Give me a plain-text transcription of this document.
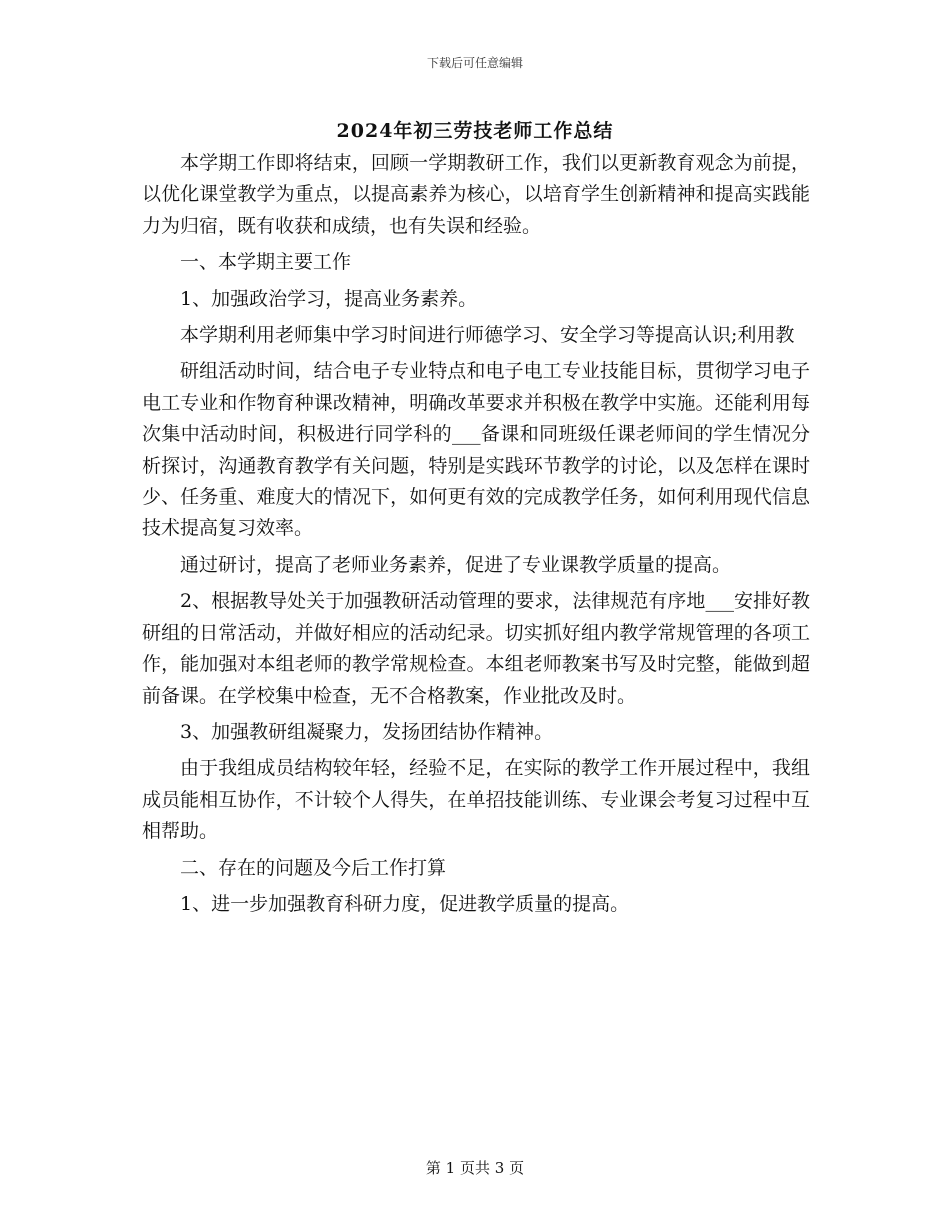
下载后可任意编辑
2024年初三劳技老师工作总结

本学期工作即将结束，回顾一学期教研工作，我们以更新教育观念为前提，以优化课堂教学为重点，以提高素养为核心，以培育学生创新精神和提高实践能力为归宿，既有收获和成绩，也有失误和经验。

一、本学期主要工作

1、加强政治学习，提高业务素养。

本学期利用老师集中学习时间进行师德学习、安全学习等提高认识;利用教

研组活动时间，结合电子专业特点和电子电工专业技能目标，贯彻学习电子电工专业和作物育种课改精神，明确改革要求并积极在教学中实施。还能利用每次集中活动时间，积极进行同学科的___备课和同班级任课老师间的学生情况分析探讨，沟通教育教学有关问题，特别是实践环节教学的讨论，以及怎样在课时少、任务重、难度大的情况下，如何更有效的完成教学任务，如何利用现代信息技术提高复习效率。

通过研讨，提高了老师业务素养，促进了专业课教学质量的提高。

2、根据教导处关于加强教研活动管理的要求，法律规范有序地___安排好教研组的日常活动，并做好相应的活动纪录。切实抓好组内教学常规管理的各项工作，能加强对本组老师的教学常规检查。本组老师教案书写及时完整，能做到超前备课。在学校集中检查，无不合格教案，作业批改及时。

3、加强教研组凝聚力，发扬团结协作精神。

由于我组成员结构较年轻，经验不足，在实际的教学工作开展过程中，我组成员能相互协作，不计较个人得失，在单招技能训练、专业课会考复习过程中互相帮助。

二、存在的问题及今后工作打算

1、进一步加强教育科研力度，促进教学质量的提高。

第 1 页共 3 页
